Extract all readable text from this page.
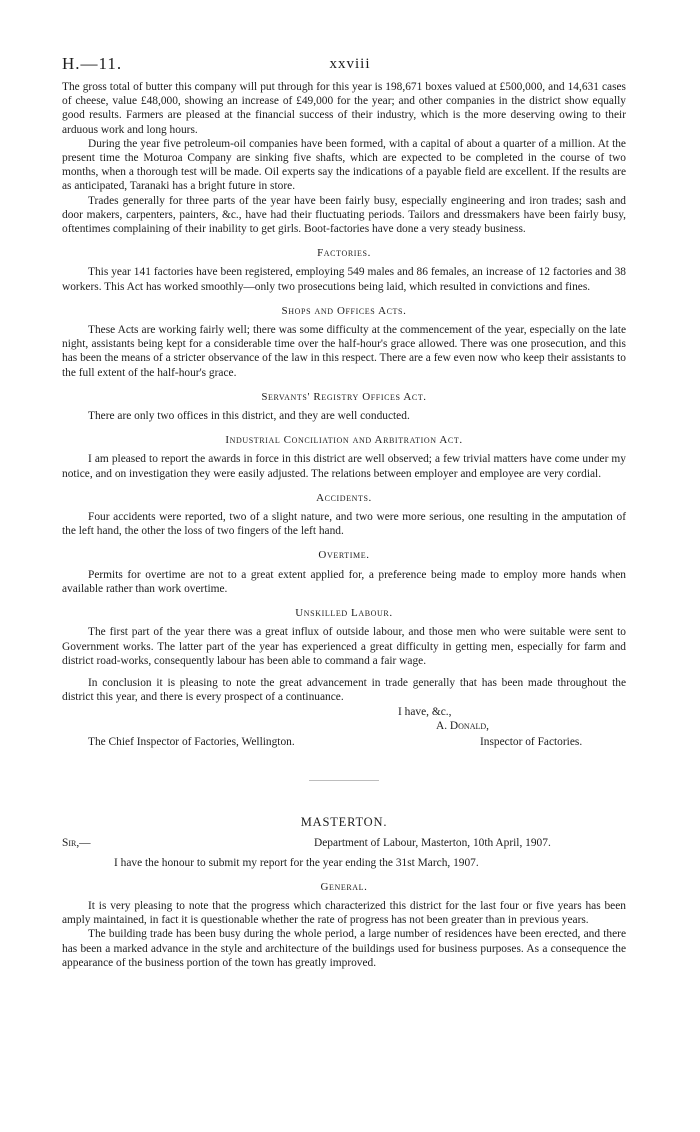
H.—11.	xxviii

The gross total of butter this company will put through for this year is 198,671 boxes valued at £500,000, and 14,631 cases of cheese, value £48,000, showing an increase of £49,000 for the year; and other companies in the district show equally good results. Farmers are pleased at the financial success of their industry, which is the more deserving owing to their arduous work and long hours.

During the year five petroleum-oil companies have been formed, with a capital of about a quarter of a million. At the present time the Moturoa Company are sinking five shafts, which are expected to be completed in the course of two months, when a thorough test will be made. Oil experts say the indications of a payable field are excellent. If the results are as anticipated, Taranaki has a bright future in store.

Trades generally for three parts of the year have been fairly busy, especially engineering and iron trades; sash and door makers, carpenters, painters, &c., have had their fluctuating periods. Tailors and dressmakers have been fairly busy, oftentimes complaining of their inability to get girls. Boot-factories have done a very steady business.

Factories.

This year 141 factories have been registered, employing 549 males and 86 females, an increase of 12 factories and 38 workers. This Act has worked smoothly—only two prosecutions being laid, which resulted in convictions and fines.

Shops and Offices Acts.

These Acts are working fairly well; there was some difficulty at the commencement of the year, especially on the late night, assistants being kept for a considerable time over the half-hour's grace allowed. There was one prosecution, and this has been the means of a stricter observance of the law in this respect. There are a few even now who keep their assistants to the full extent of the half-hour's grace.

Servants' Registry Offices Act.

There are only two offices in this district, and they are well conducted.

Industrial Conciliation and Arbitration Act.

I am pleased to report the awards in force in this district are well observed; a few trivial matters have come under my notice, and on investigation they were easily adjusted. The relations between employer and employee are very cordial.

Accidents.

Four accidents were reported, two of a slight nature, and two were more serious, one resulting in the amputation of the left hand, the other the loss of two fingers of the left hand.

Overtime.

Permits for overtime are not to a great extent applied for, a preference being made to employ more hands when available rather than work overtime.

Unskilled Labour.

The first part of the year there was a great influx of outside labour, and those men who were suitable were sent to Government works. The latter part of the year has experienced a great difficulty in getting men, especially for farm and district road-works, consequently labour has been able to command a fair wage.

In conclusion it is pleasing to note the great advancement in trade generally that has been made throughout the district this year, and there is every prospect of a continuance.

I have, &c.,
A. Donald,
The Chief Inspector of Factories, Wellington.	Inspector of Factories.
MASTERTON.
Sir,—	Department of Labour, Masterton, 10th April, 1907.

I have the honour to submit my report for the year ending the 31st March, 1907.

General.

It is very pleasing to note that the progress which characterized this district for the last four or five years has been amply maintained, in fact it is questionable whether the rate of progress has not been greater than in previous years.

The building trade has been busy during the whole period, a large number of residences have been erected, and there has been a marked advance in the style and architecture of the buildings used for business purposes. As a consequence the appearance of the business portion of the town has greatly improved.
